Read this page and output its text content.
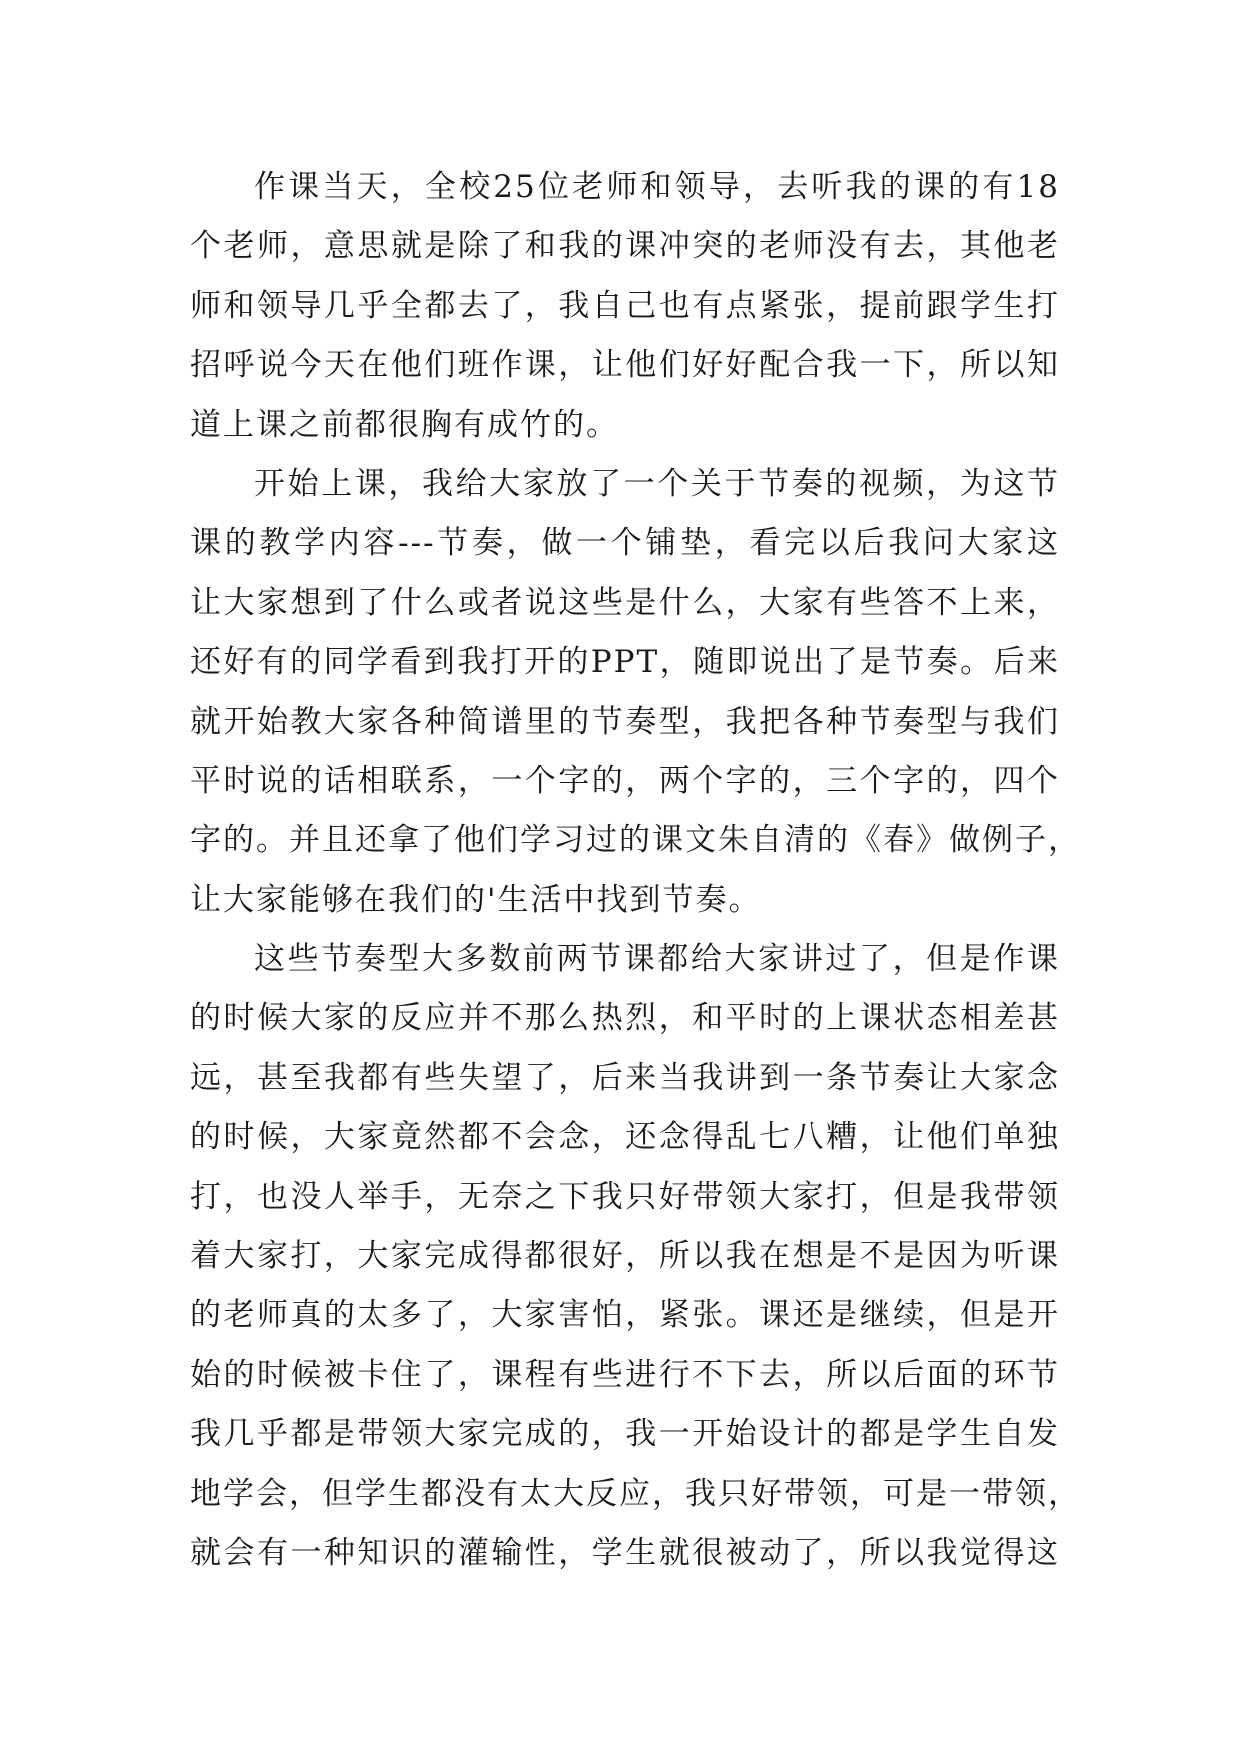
作课当天，全校25位老师和领导，去听我的课的有18
个老师，意思就是除了和我的课冲突的老师没有去，其他老
师和领导几乎全都去了，我自己也有点紧张，提前跟学生打
招呼说今天在他们班作课，让他们好好配合我一下，所以知
道上课之前都很胸有成竹的。
开始上课，我给大家放了一个关于节奏的视频，为这节
课的教学内容---节奏，做一个铺垫，看完以后我问大家这
让大家想到了什么或者说这些是什么，大家有些答不上来，
还好有的同学看到我打开的PPT，随即说出了是节奏。后来
就开始教大家各种简谱里的节奏型，我把各种节奏型与我们
平时说的话相联系，一个字的，两个字的，三个字的，四个
字的。并且还拿了他们学习过的课文朱自清的《春》做例子，
让大家能够在我们的'生活中找到节奏。
这些节奏型大多数前两节课都给大家讲过了，但是作课
的时候大家的反应并不那么热烈，和平时的上课状态相差甚
远，甚至我都有些失望了，后来当我讲到一条节奏让大家念
的时候，大家竟然都不会念，还念得乱七八糟，让他们单独
打，也没人举手，无奈之下我只好带领大家打，但是我带领
着大家打，大家完成得都很好，所以我在想是不是因为听课
的老师真的太多了，大家害怕，紧张。课还是继续，但是开
始的时候被卡住了，课程有些进行不下去，所以后面的环节
我几乎都是带领大家完成的，我一开始设计的都是学生自发
地学会，但学生都没有太大反应，我只好带领，可是一带领，
就会有一种知识的灌输性，学生就很被动了，所以我觉得这
